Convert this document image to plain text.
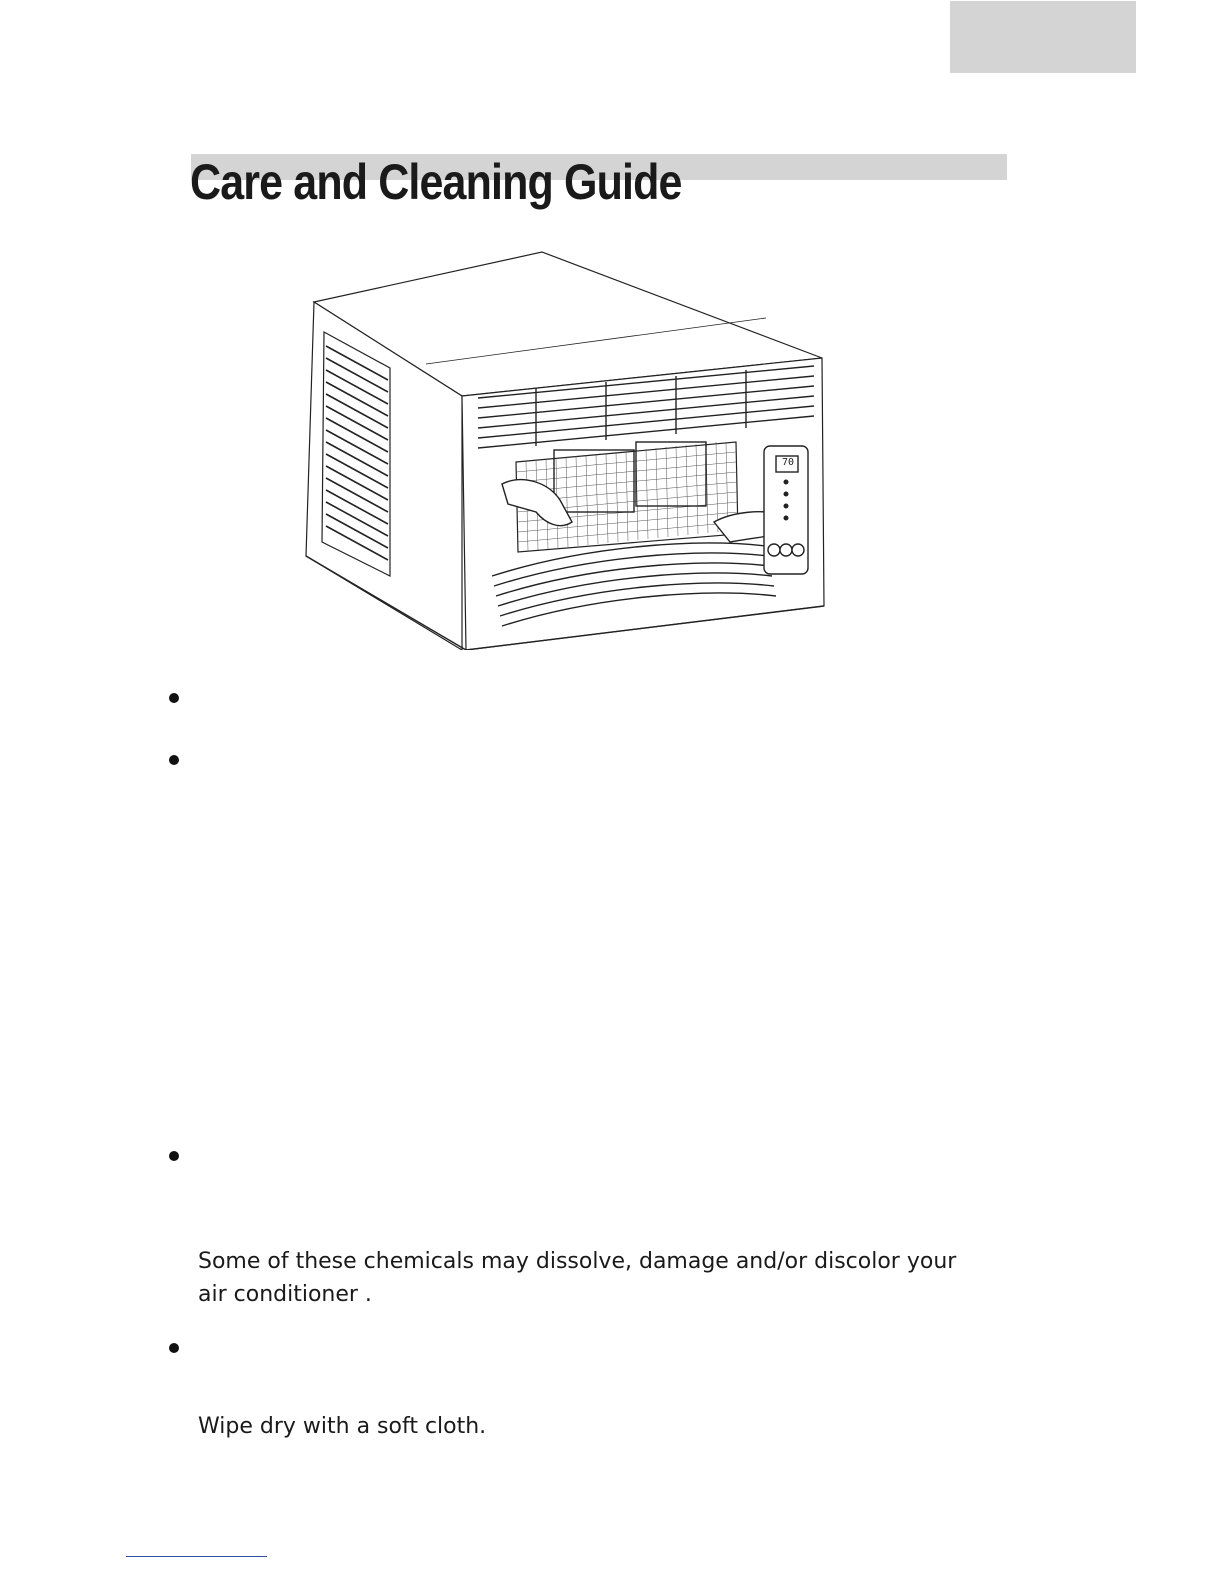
Care and Cleaning Guide
70

Some of these chemicals may dissolve, damage and/or discolor your

air conditioner .

Wipe dry with a soft cloth.
